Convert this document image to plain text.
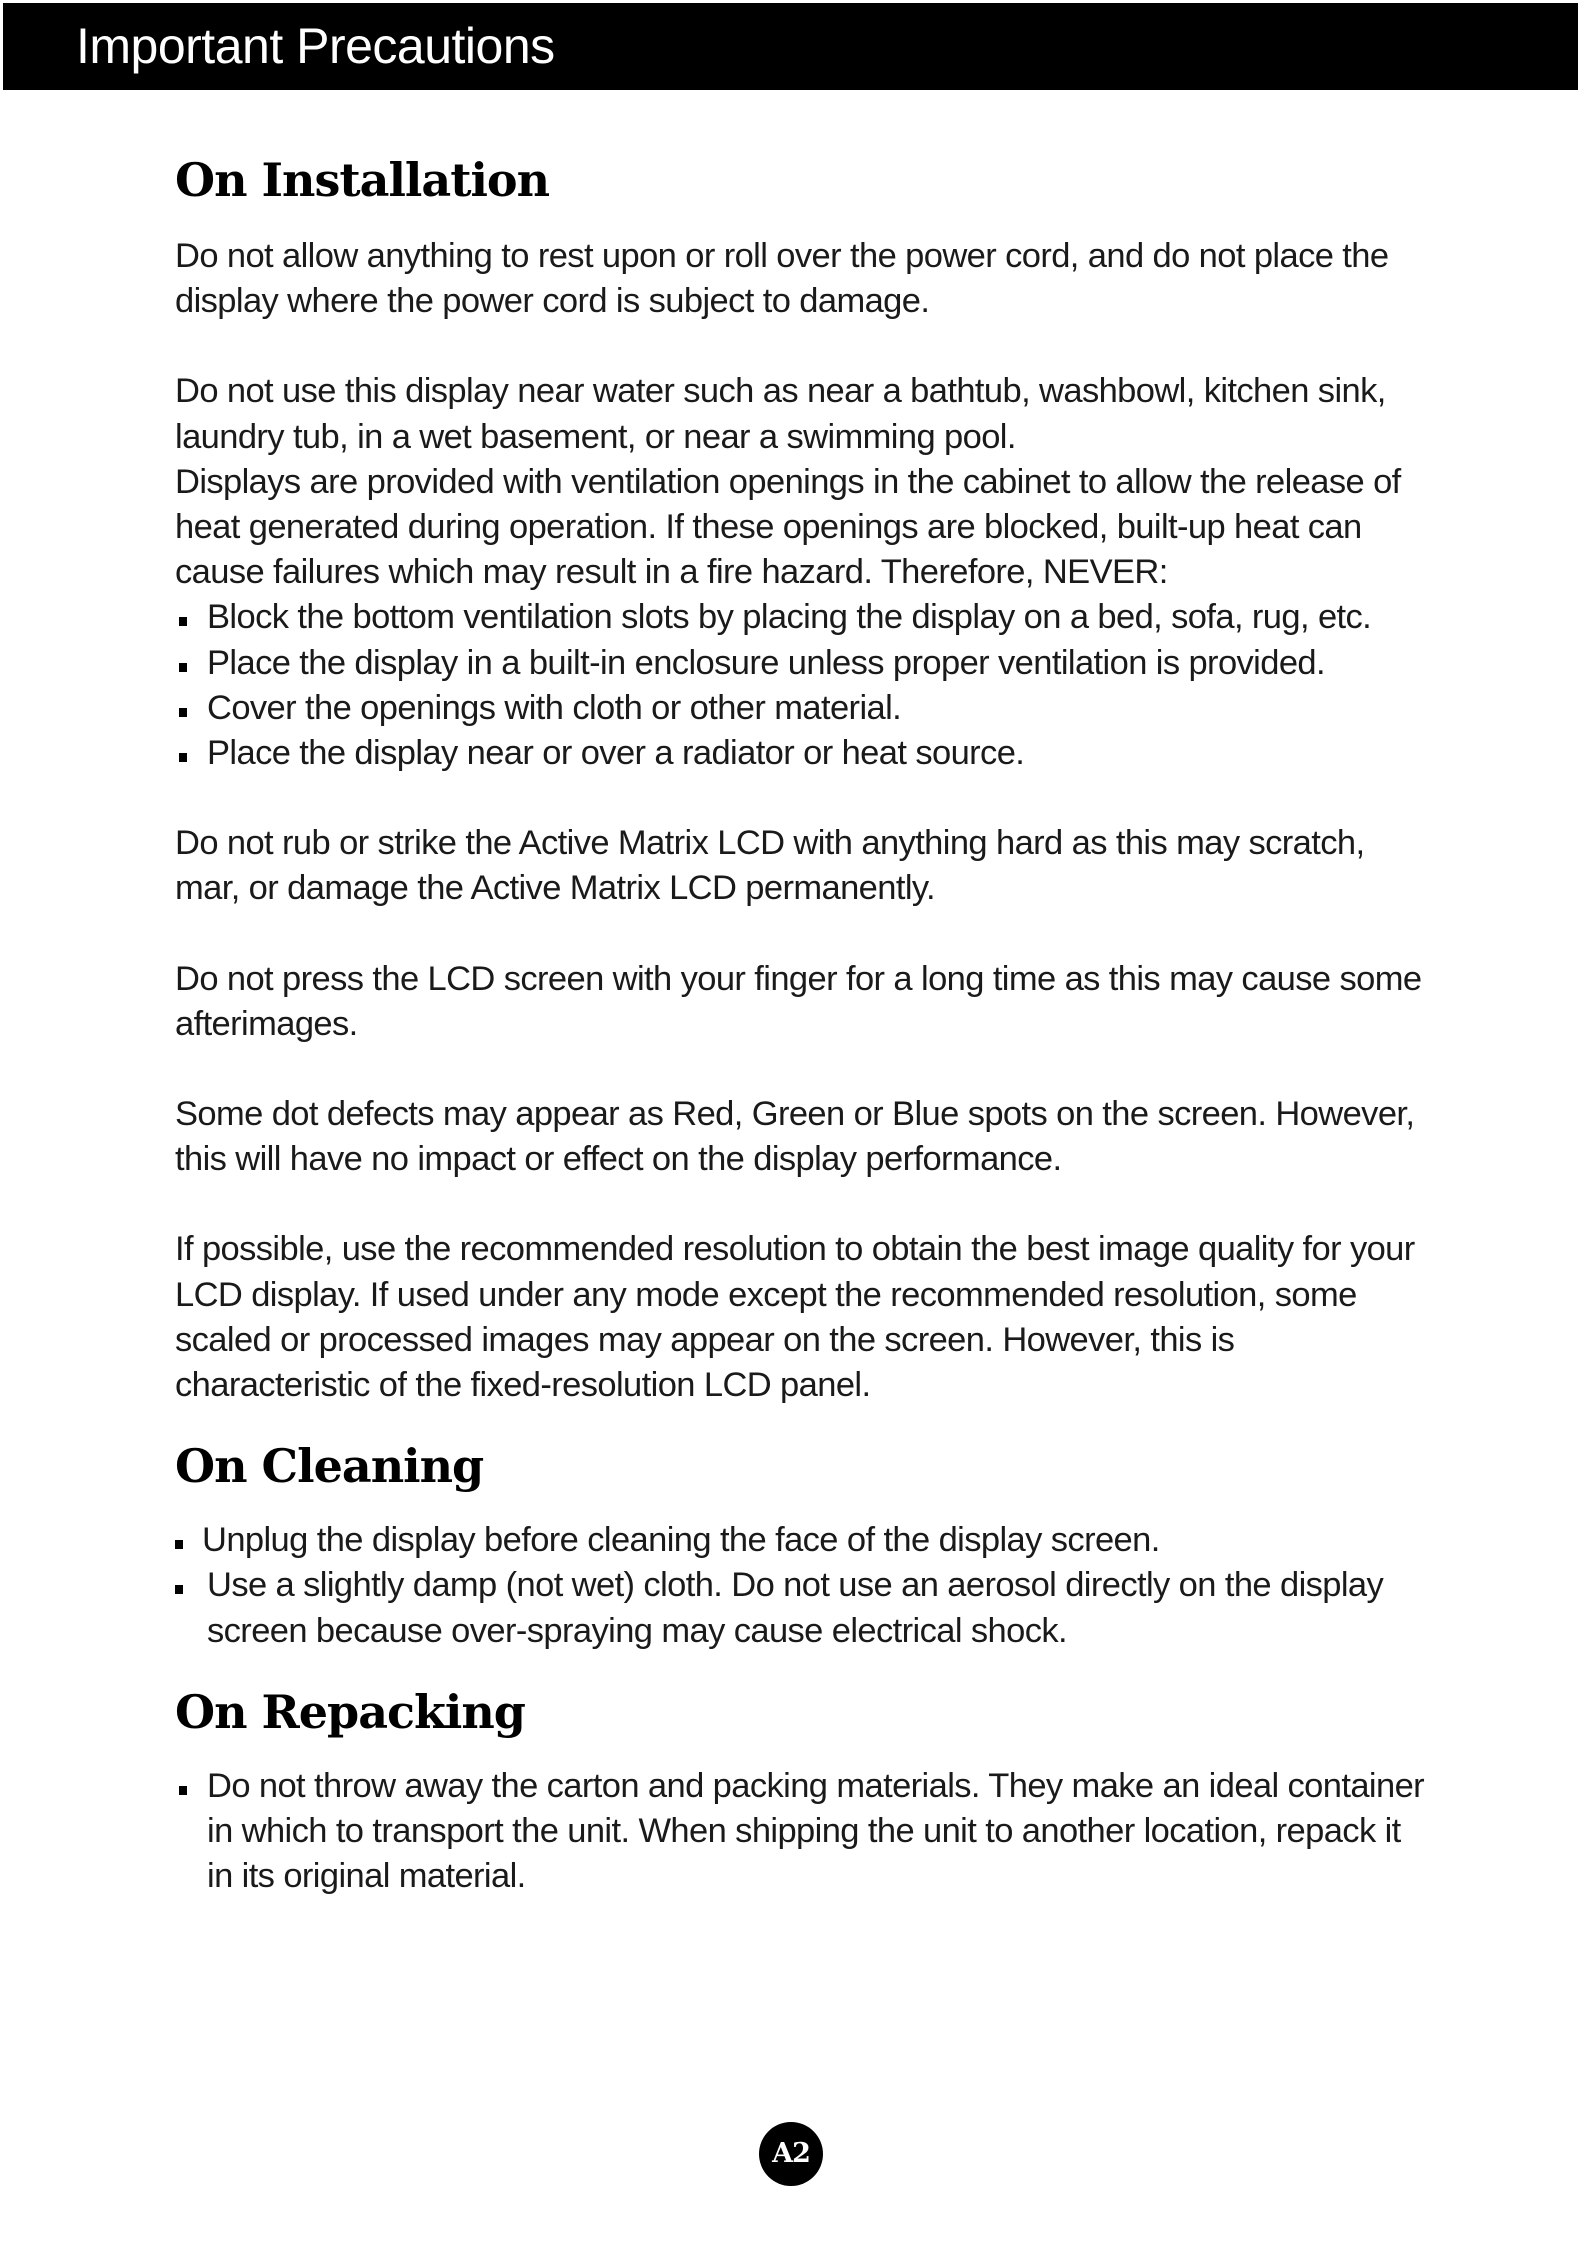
Important Precautions
On Installation

Do not allow anything to rest upon or roll over the power cord, and do not place the display where the power cord is subject to damage.

Do not use this display near water such as near a bathtub, washbowl, kitchen sink, laundry tub, in a wet basement, or near a swimming pool.

Displays are provided with ventilation openings in the cabinet to allow the release of heat generated during operation. If these openings are blocked, built-up heat can cause failures which may result in a fire hazard. Therefore, NEVER:

Block the bottom ventilation slots by placing the display on a bed, sofa, rug, etc.
Place the display in a built-in enclosure unless proper ventilation is provided.
Cover the openings with cloth or other material.
Place the display near or over a radiator or heat source.

Do not rub or strike the Active Matrix LCD with anything hard as this may scratch, mar, or damage the Active Matrix LCD permanently.

Do not press the LCD screen with your finger for a long time as this may cause some afterimages.

Some dot defects may appear as Red, Green or Blue spots on the screen. However, this will have no impact or effect on the display performance.

If possible, use the recommended resolution to obtain the best image quality for your LCD display. If used under any mode except the recommended resolution, some scaled or processed images may appear on the screen. However, this is characteristic of the fixed-resolution LCD panel.

On Cleaning
Unplug the display before cleaning the face of the display screen.
Use a slightly damp (not wet) cloth. Do not use an aerosol directly on the display screen because over-spraying may cause electrical shock.
On Repacking
Do not throw away the carton and packing materials. They make an ideal container in which to transport the unit. When shipping the unit to another location, repack it in its original material.
A2
